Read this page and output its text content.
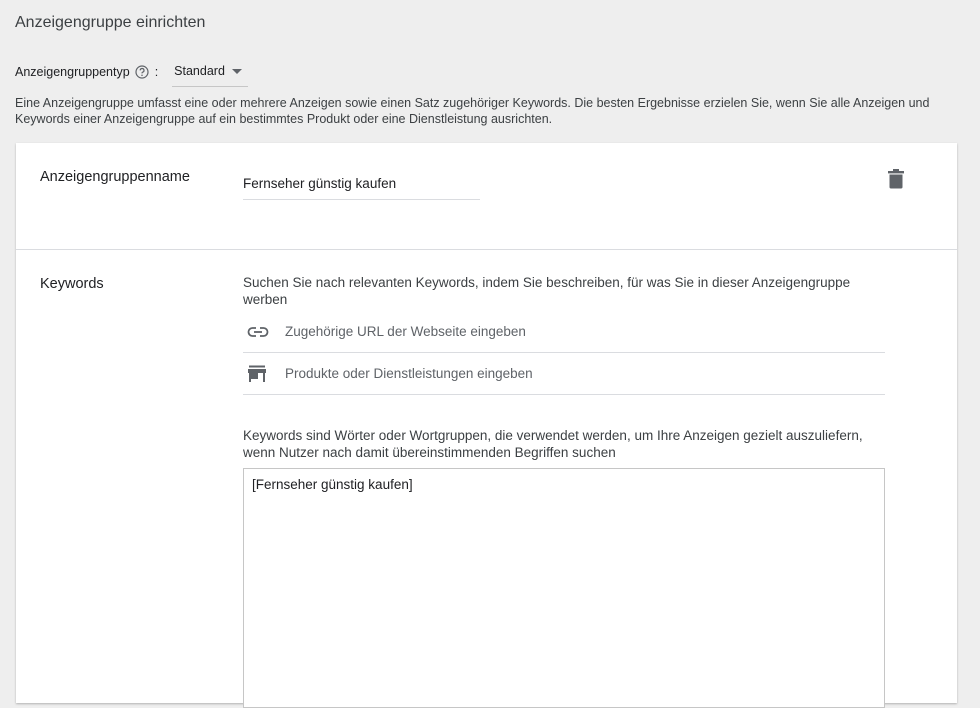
Anzeigengruppe einrichten
Anzeigengruppentyp : Standard
Eine Anzeigengruppe umfasst eine oder mehrere Anzeigen sowie einen Satz zugehöriger Keywords. Die besten Ergebnisse erzielen Sie, wenn Sie alle Anzeigen und Keywords einer Anzeigengruppe auf ein bestimmtes Produkt oder eine Dienstleistung ausrichten.
Anzeigengruppenname
Fernseher günstig kaufen
Keywords	Suchen Sie nach relevanten Keywords, indem Sie beschreiben, für was Sie in dieser Anzeigengruppe werben
Zugehörige URL der Webseite eingeben
Produkte oder Dienstleistungen eingeben
Keywords sind Wörter oder Wortgruppen, die verwendet werden, um Ihre Anzeigen gezielt auszuliefern, wenn Nutzer nach damit übereinstimmenden Begriffen suchen
[Fernseher günstig kaufen]
